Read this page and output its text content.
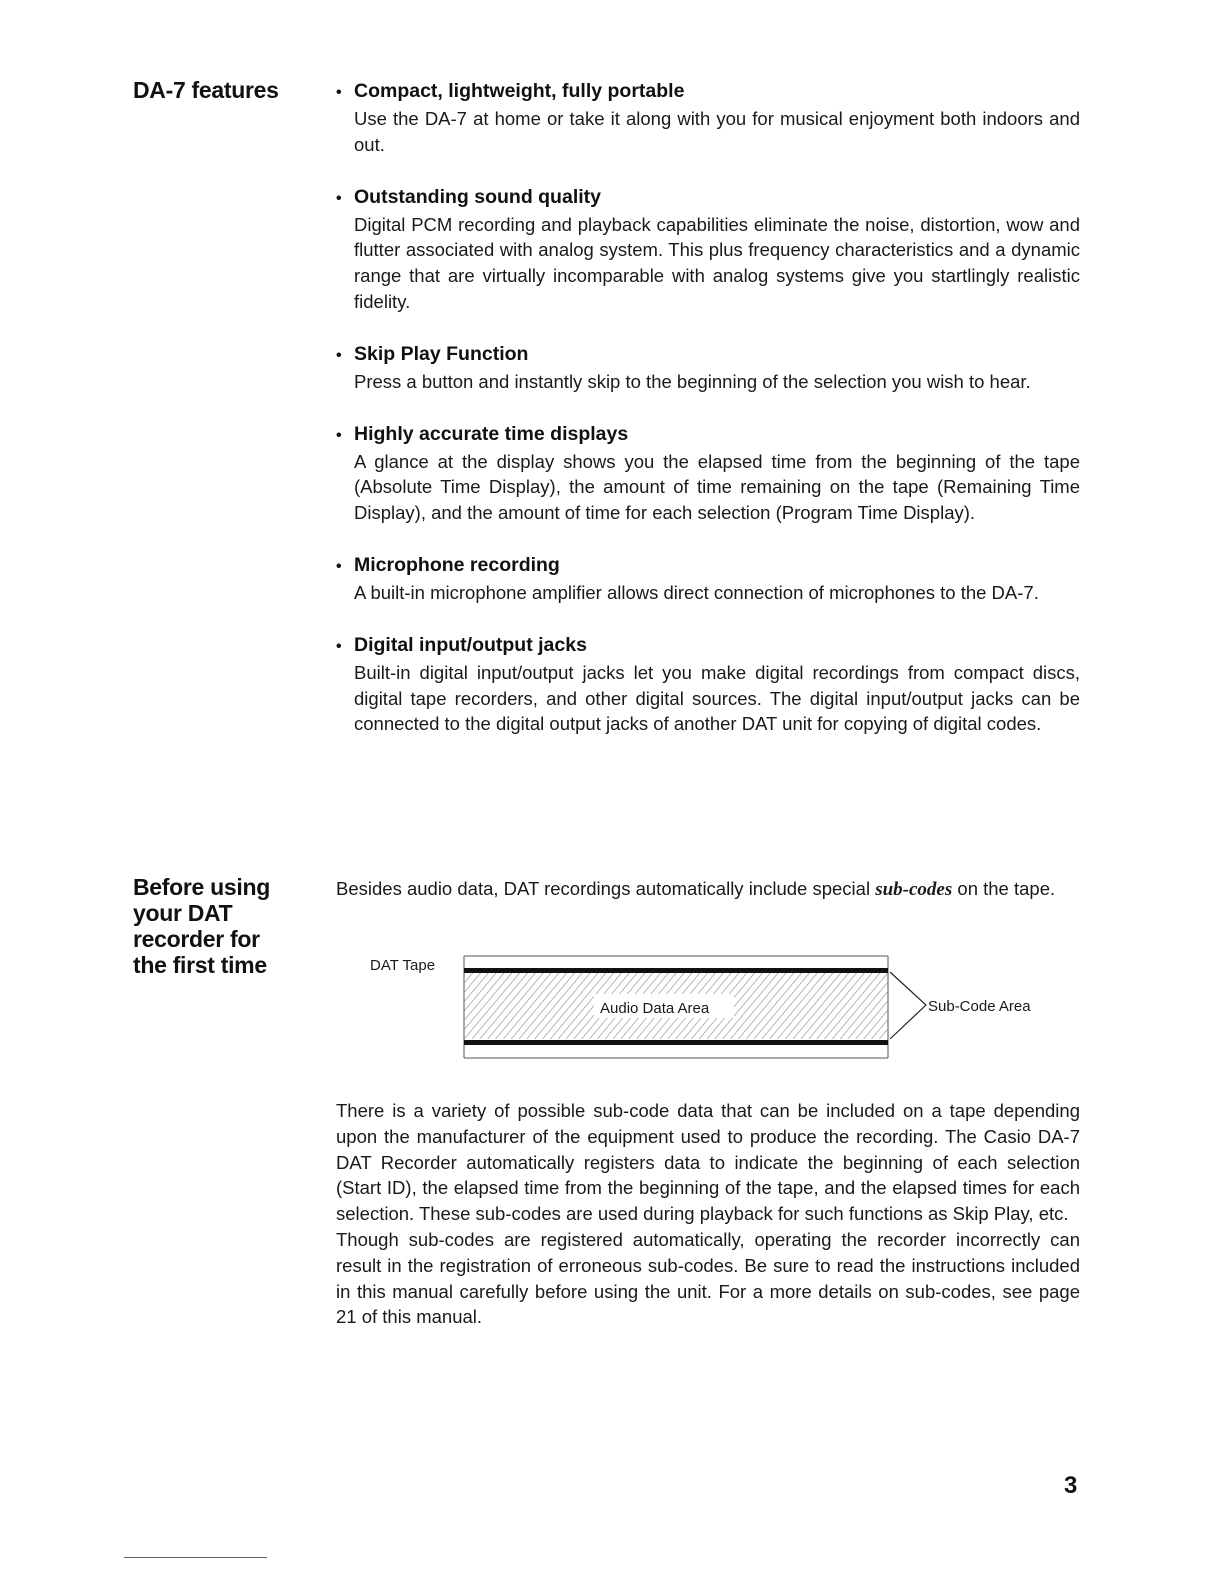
DA-7 features
Before using
your DAT
recorder for
the first time
• Compact, lightweight, fully portable
Use the DA-7 at home or take it along with you for musical enjoyment both indoors and out.
• Outstanding sound quality
Digital PCM recording and playback capabilities eliminate the noise, distortion, wow and flutter associated with analog system. This plus frequency characteristics and a dynamic range that are virtually incomparable with analog systems give you startlingly realistic fidelity.
• Skip Play Function
Press a button and instantly skip to the beginning of the selection you wish to hear.
• Highly accurate time displays
A glance at the display shows you the elapsed time from the beginning of the tape (Absolute Time Display), the amount of time remaining on the tape (Remaining Time Display), and the amount of time for each selection (Program Time Display).
• Microphone recording
A built-in microphone amplifier allows direct connection of microphones to the DA-7.
• Digital input/output jacks
Built-in digital input/output jacks let you make digital recordings from compact discs, digital tape recorders, and other digital sources. The digital input/output jacks can be connected to the digital output jacks of another DAT unit for copying of digital codes.
Besides audio data, DAT recordings automatically include special sub-codes on the tape.
DAT Tape
Audio Data Area	Sub-Code Area

There is a variety of possible sub-code data that can be included on a tape depending upon the manufacturer of the equipment used to produce the recording. The Casio DA-7 DAT Recorder automatically registers data to indicate the beginning of each selection (Start ID), the elapsed time from the beginning of the tape, and the elapsed times for each selection. These sub-codes are used during playback for such functions as Skip Play, etc.

Though sub-codes are registered automatically, operating the recorder incorrectly can result in the registration of erroneous sub-codes. Be sure to read the instructions included in this manual carefully before using the unit. For a more details on sub-codes, see page 21 of this manual.

3
